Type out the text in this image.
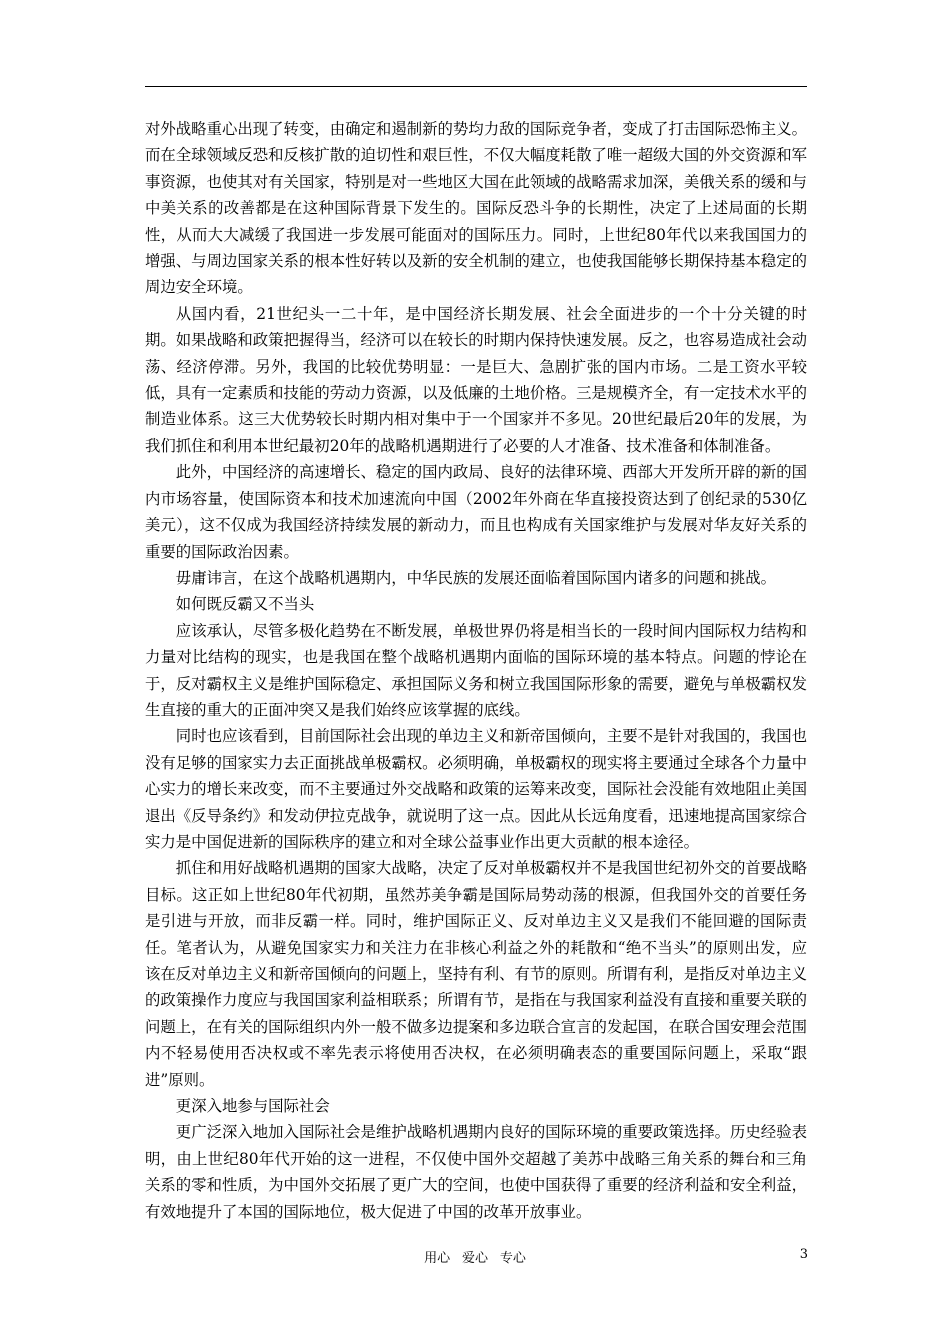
对外战略重心出现了转变，由确定和遏制新的势均力敌的国际竞争者，变成了打击国际恐怖主义。而在全球领域反恐和反核扩散的迫切性和艰巨性，不仅大幅度耗散了唯一超级大国的外交资源和军事资源，也使其对有关国家，特别是对一些地区大国在此领域的战略需求加深，美俄关系的缓和与中美关系的改善都是在这种国际背景下发生的。国际反恐斗争的长期性，决定了上述局面的长期性，从而大大减缓了我国进一步发展可能面对的国际压力。同时，上世纪80年代以来我国国力的增强、与周边国家关系的根本性好转以及新的安全机制的建立，也使我国能够长期保持基本稳定的周边安全环境。

从国内看，21世纪头一二十年，是中国经济长期发展、社会全面进步的一个十分关键的时期。如果战略和政策把握得当，经济可以在较长的时期内保持快速发展。反之，也容易造成社会动荡、经济停滞。另外，我国的比较优势明显：一是巨大、急剧扩张的国内市场。二是工资水平较低，具有一定素质和技能的劳动力资源，以及低廉的土地价格。三是规模齐全，有一定技术水平的制造业体系。这三大优势较长时期内相对集中于一个国家并不多见。20世纪最后20年的发展，为我们抓住和利用本世纪最初20年的战略机遇期进行了必要的人才准备、技术准备和体制准备。

此外，中国经济的高速增长、稳定的国内政局、良好的法律环境、西部大开发所开辟的新的国内市场容量，使国际资本和技术加速流向中国（2002年外商在华直接投资达到了创纪录的530亿美元），这不仅成为我国经济持续发展的新动力，而且也构成有关国家维护与发展对华友好关系的重要的国际政治因素。

毋庸讳言，在这个战略机遇期内，中华民族的发展还面临着国际国内诸多的问题和挑战。

如何既反霸又不当头

应该承认，尽管多极化趋势在不断发展，单极世界仍将是相当长的一段时间内国际权力结构和力量对比结构的现实，也是我国在整个战略机遇期内面临的国际环境的基本特点。问题的悖论在于，反对霸权主义是维护国际稳定、承担国际义务和树立我国国际形象的需要，避免与单极霸权发生直接的重大的正面冲突又是我们始终应该掌握的底线。

同时也应该看到，目前国际社会出现的单边主义和新帝国倾向，主要不是针对我国的，我国也没有足够的国家实力去正面挑战单极霸权。必须明确，单极霸权的现实将主要通过全球各个力量中心实力的增长来改变，而不主要通过外交战略和政策的运筹来改变，国际社会没能有效地阻止美国退出《反导条约》和发动伊拉克战争，就说明了这一点。因此从长远角度看，迅速地提高国家综合实力是中国促进新的国际秩序的建立和对全球公益事业作出更大贡献的根本途径。

抓住和用好战略机遇期的国家大战略，决定了反对单极霸权并不是我国世纪初外交的首要战略目标。这正如上世纪80年代初期，虽然苏美争霸是国际局势动荡的根源，但我国外交的首要任务是引进与开放，而非反霸一样。同时，维护国际正义、反对单边主义又是我们不能回避的国际责任。笔者认为，从避免国家实力和关注力在非核心利益之外的耗散和“绝不当头”的原则出发，应该在反对单边主义和新帝国倾向的问题上，坚持有利、有节的原则。所谓有利，是指反对单边主义的政策操作力度应与我国国家利益相联系；所谓有节，是指在与我国家利益没有直接和重要关联的问题上，在有关的国际组织内外一般不做多边提案和多边联合宣言的发起国，在联合国安理会范围内不轻易使用否决权或不率先表示将使用否决权，在必须明确表态的重要国际问题上，采取“跟进”原则。

更深入地参与国际社会

更广泛深入地加入国际社会是维护战略机遇期内良好的国际环境的重要政策选择。历史经验表明，由上世纪80年代开始的这一进程，不仅使中国外交超越了美苏中战略三角关系的舞台和三角关系的零和性质，为中国外交拓展了更广大的空间，也使中国获得了重要的经济利益和安全利益，有效地提升了本国的国际地位，极大促进了中国的改革开放事业。

用心 爱心 专心	3
